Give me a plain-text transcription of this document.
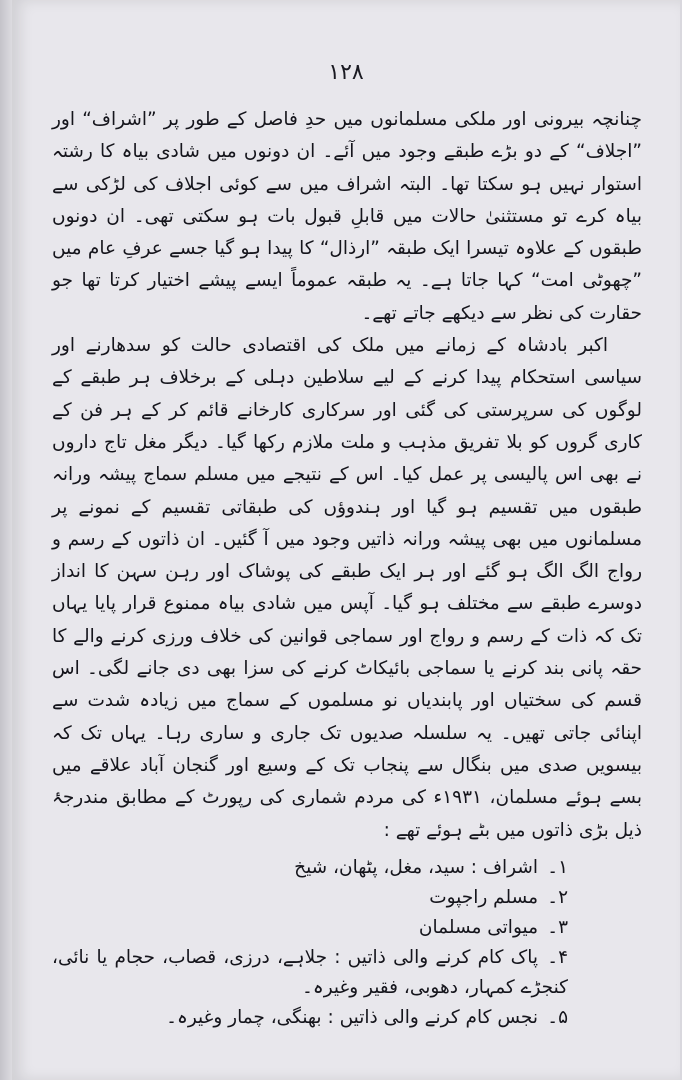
۱۲۸

چنانچہ بیرونی اور ملکی مسلمانوں میں حدِ فاصل کے طور پر ”اشراف“ اور ”اجلاف“ کے دو بڑے طبقے وجود میں آئے۔ ان دونوں میں شادی بیاہ کا رشتہ استوار نہیں ہو سکتا تھا۔ البتہ اشراف میں سے کوئی اجلاف کی لڑکی سے بیاہ کرے تو مستثنیٰ حالات میں قابلِ قبول بات ہو سکتی تھی۔ ان دونوں طبقوں کے علاوہ تیسرا ایک طبقہ ”ارذال“ کا پیدا ہو گیا جسے عرفِ عام میں ”چھوٹی امت“ کہا جاتا ہے۔ یہ طبقہ عموماً ایسے پیشے اختیار کرتا تھا جو حقارت کی نظر سے دیکھے جاتے تھے۔

اکبر بادشاہ کے زمانے میں ملک کی اقتصادی حالت کو سدھارنے اور سیاسی استحکام پیدا کرنے کے لیے سلاطین دہلی کے برخلاف ہر طبقے کے لوگوں کی سرپرستی کی گئی اور سرکاری کارخانے قائم کر کے ہر فن کے کاری گروں کو بلا تفریق مذہب و ملت ملازم رکھا گیا۔ دیگر مغل تاج داروں نے بھی اس پالیسی پر عمل کیا۔ اس کے نتیجے میں مسلم سماج پیشہ ورانہ طبقوں میں تقسیم ہو گیا اور ہندوؤں کی طبقاتی تقسیم کے نمونے پر مسلمانوں میں بھی پیشہ ورانہ ذاتیں وجود میں آ گئیں۔ ان ذاتوں کے رسم و رواج الگ الگ ہو گئے اور ہر ایک طبقے کی پوشاک اور رہن سہن کا انداز دوسرے طبقے سے مختلف ہو گیا۔ آپس میں شادی بیاہ ممنوع قرار پایا یہاں تک کہ ذات کے رسم و رواج اور سماجی قوانین کی خلاف ورزی کرنے والے کا حقہ پانی بند کرنے یا سماجی بائیکاٹ کرنے کی سزا بھی دی جانے لگی۔ اس قسم کی سختیاں اور پابندیاں نو مسلموں کے سماج میں زیادہ شدت سے اپنائی جاتی تھیں۔ یہ سلسلہ صدیوں تک جاری و ساری رہا۔ یہاں تک کہ بیسویں صدی میں بنگال سے پنجاب تک کے وسیع اور گنجان آباد علاقے میں بسے ہوئے مسلمان، ۱۹۳۱ء کی مردم شماری کی رپورٹ کے مطابق مندرجۂ ذیل بڑی ذاتوں میں بٹے ہوئے تھے :

۱۔اشراف : سید، مغل، پٹھان، شیخ
۲۔مسلم راجپوت
۳۔میواتی مسلمان
۴۔پاک کام کرنے والی ذاتیں : جلاہے، درزی، قصاب، حجام یا نائی، کنجڑے کمہار، دھوبی، فقیر وغیرہ۔
۵۔نجس کام کرنے والی ذاتیں : بھنگی، چمار وغیرہ۔
